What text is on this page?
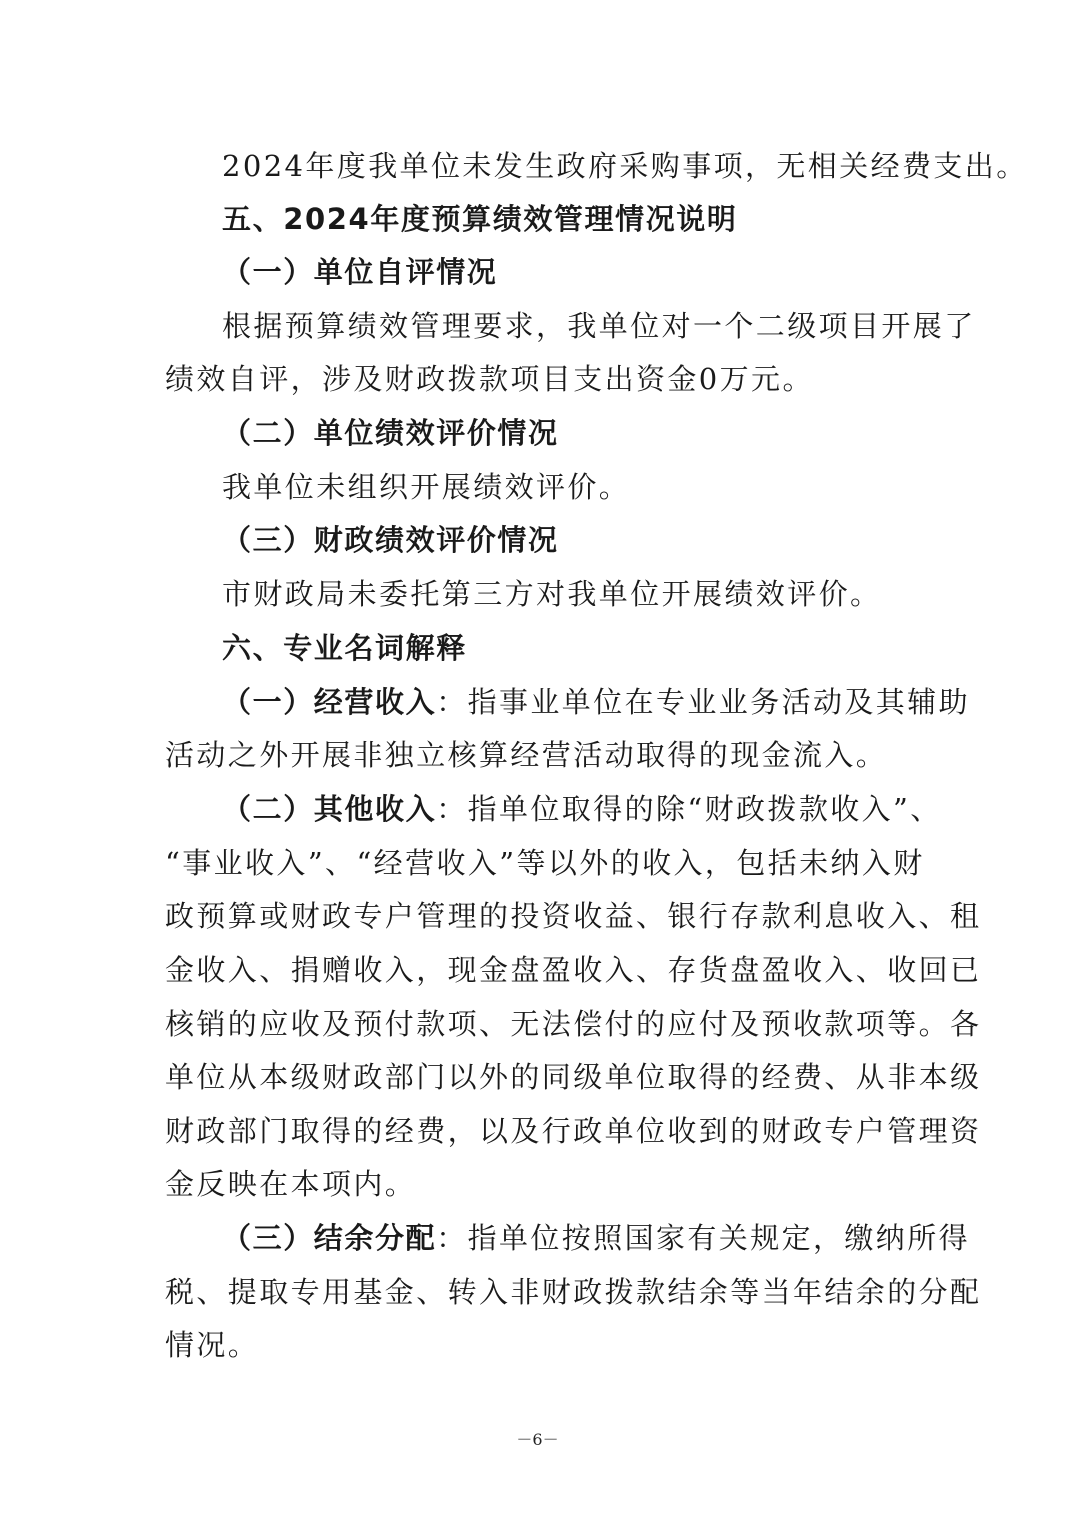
2024年度我单位未发生政府采购事项，无相关经费支出。
五、2024年度预算绩效管理情况说明
（一）单位自评情况
根据预算绩效管理要求，我单位对一个二级项目开展了
绩效自评，涉及财政拨款项目支出资金0万元。
（二）单位绩效评价情况
我单位未组织开展绩效评价。
（三）财政绩效评价情况
市财政局未委托第三方对我单位开展绩效评价。
六、专业名词解释
（一）经营收入：指事业单位在专业业务活动及其辅助
活动之外开展非独立核算经营活动取得的现金流入。
（二）其他收入：指单位取得的除“财政拨款收入”、
“事业收入”、“经营收入”等以外的收入，包括未纳入财
政预算或财政专户管理的投资收益、银行存款利息收入、租
金收入、捐赠收入，现金盘盈收入、存货盘盈收入、收回已
核销的应收及预付款项、无法偿付的应付及预收款项等。各
单位从本级财政部门以外的同级单位取得的经费、从非本级
财政部门取得的经费，以及行政单位收到的财政专户管理资
金反映在本项内。
（三）结余分配：指单位按照国家有关规定，缴纳所得
税、提取专用基金、转入非财政拨款结余等当年结余的分配
情况。
－6－
